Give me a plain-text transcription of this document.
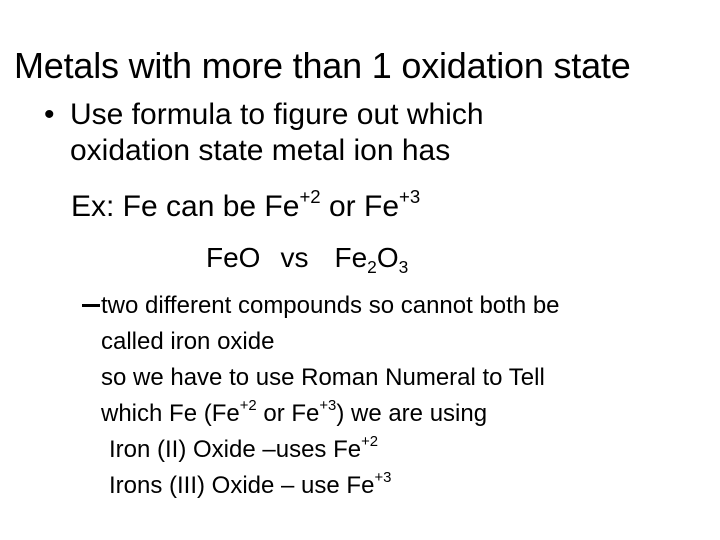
Metals with more than 1 oxidation state
• Use formula to figure out which
oxidation state metal ion has
Ex: Fe can be $Fe^{+2}$ or $Fe^{+3}$
FeO vs $Fe_2O_3$
two different compounds so cannot both be
called iron oxide
so we have to use Roman Numeral to Tell
which Fe ($Fe^{+2}$ or $Fe^{+3}$) we are using
Iron (II) Oxide –uses $Fe^{+2}$
Irons (III) Oxide – use $Fe^{+3}$
